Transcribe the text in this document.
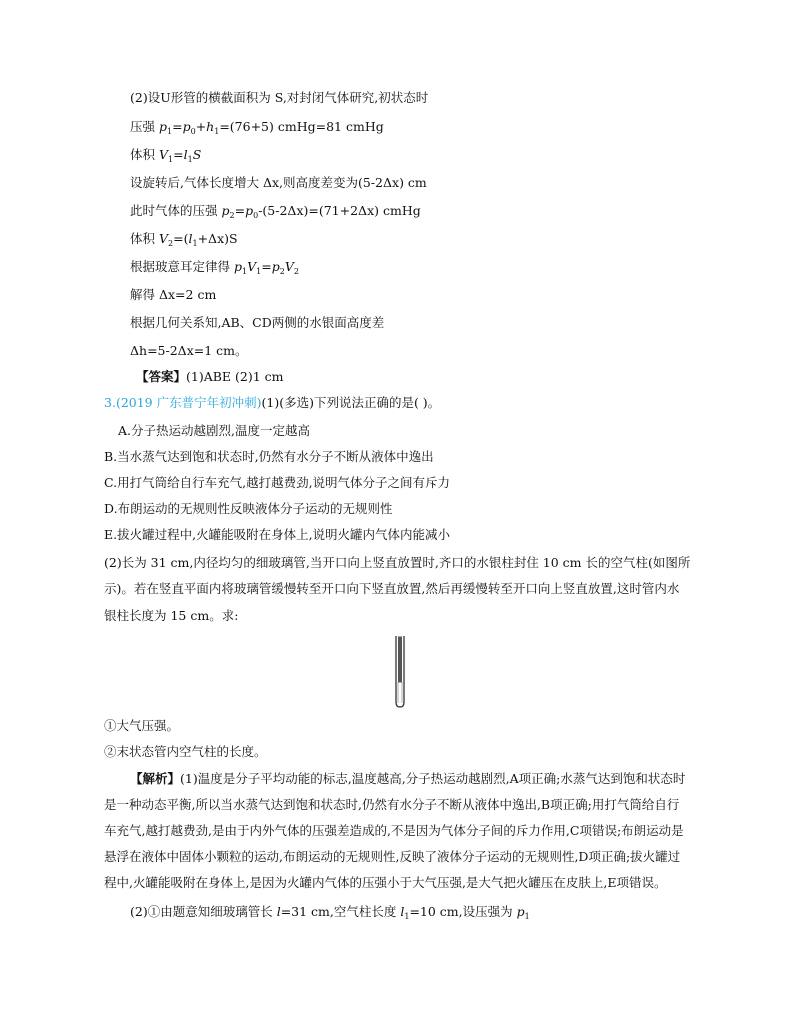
(2)设U形管的横截面积为 S,对封闭气体研究,初状态时
压强 $p_1=p_0+h_1=(76+5)$ cmHg=81 cmHg
体积 $V_1=l_1S$
设旋转后,气体长度增大 Δx,则高度差变为(5-2Δx) cm
此时气体的压强 $p_2=p_0-(5-2\Delta x)=(71+2\Delta x)$ cmHg
体积 $V_2=(l_1+\Delta x)S$
根据玻意耳定律得 $p_1V_1=p_2V_2$
解得 Δx=2 cm
根据几何关系知,AB、CD两侧的水银面高度差
Δh=5-2Δx=1 cm。
【答案】(1)ABE (2)1 cm
3.(2019 广东普宁年初冲刺)(1)(多选)下列说法正确的是( )。
A.分子热运动越剧烈,温度一定越高
B.当水蒸气达到饱和状态时,仍然有水分子不断从液体中逸出
C.用打气筒给自行车充气,越打越费劲,说明气体分子之间有斥力
D.布朗运动的无规则性反映液体分子运动的无规则性
E.拔火罐过程中,火罐能吸附在身体上,说明火罐内气体内能减小
(2)长为 31 cm,内径均匀的细玻璃管,当开口向上竖直放置时,齐口的水银柱封住 10 cm 长的空气柱(如图所
示)。若在竖直平面内将玻璃管缓慢转至开口向下竖直放置,然后再缓慢转至开口向上竖直放置,这时管内水
银柱长度为 15 cm。求:
①大气压强。
②末状态管内空气柱的长度。
【解析】(1)温度是分子平均动能的标志,温度越高,分子热运动越剧烈,A项正确;水蒸气达到饱和状态时
是一种动态平衡,所以当水蒸气达到饱和状态时,仍然有水分子不断从液体中逸出,B项正确;用打气筒给自行
车充气,越打越费劲,是由于内外气体的压强差造成的,不是因为气体分子间的斥力作用,C项错误;布朗运动是
悬浮在液体中固体小颗粒的运动,布朗运动的无规则性,反映了液体分子运动的无规则性,D项正确;拔火罐过
程中,火罐能吸附在身体上,是因为火罐内气体的压强小于大气压强,是大气把火罐压在皮肤上,E项错误。
(2)①由题意知细玻璃管长 l=31 cm,空气柱长度 $l_1=10$ cm,设压强为 $p_1$
